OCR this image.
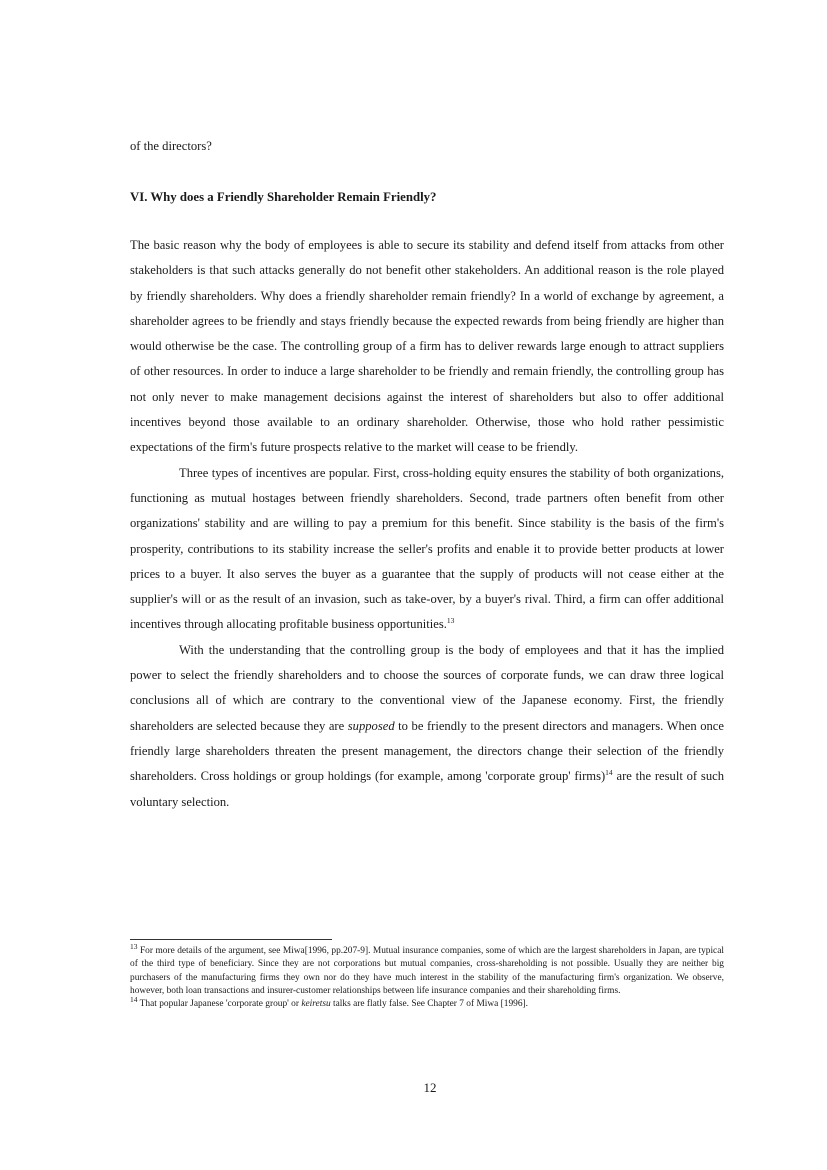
of the directors?

VI. Why does a Friendly Shareholder Remain Friendly?

The basic reason why the body of employees is able to secure its stability and defend itself from attacks from other stakeholders is that such attacks generally do not benefit other stakeholders. An additional reason is the role played by friendly shareholders. Why does a friendly shareholder remain friendly? In a world of exchange by agreement, a shareholder agrees to be friendly and stays friendly because the expected rewards from being friendly are higher than would otherwise be the case. The controlling group of a firm has to deliver rewards large enough to attract suppliers of other resources. In order to induce a large shareholder to be friendly and remain friendly, the controlling group has not only never to make management decisions against the interest of shareholders but also to offer additional incentives beyond those available to an ordinary shareholder. Otherwise, those who hold rather pessimistic expectations of the firm's future prospects relative to the market will cease to be friendly.

Three types of incentives are popular. First, cross-holding equity ensures the stability of both organizations, functioning as mutual hostages between friendly shareholders. Second, trade partners often benefit from other organizations' stability and are willing to pay a premium for this benefit. Since stability is the basis of the firm's prosperity, contributions to its stability increase the seller's profits and enable it to provide better products at lower prices to a buyer. It also serves the buyer as a guarantee that the supply of products will not cease either at the supplier's will or as the result of an invasion, such as take-over, by a buyer's rival. Third, a firm can offer additional incentives through allocating profitable business opportunities.$^{13}$

With the understanding that the controlling group is the body of employees and that it has the implied power to select the friendly shareholders and to choose the sources of corporate funds, we can draw three logical conclusions all of which are contrary to the conventional view of the Japanese economy. First, the friendly shareholders are selected because they are supposed to be friendly to the present directors and managers. When once friendly large shareholders threaten the present management, the directors change their selection of the friendly shareholders. Cross holdings or group holdings (for example, among 'corporate group' firms)$^{14}$ are the result of such voluntary selection.

$^{13}$ For more details of the argument, see Miwa[1996, pp.207-9]. Mutual insurance companies, some of which are the largest shareholders in Japan, are typical of the third type of beneficiary. Since they are not corporations but mutual companies, cross-shareholding is not possible. Usually they are neither big purchasers of the manufacturing firms they own nor do they have much interest in the stability of the manufacturing firm's organization. We observe, however, both loan transactions and insurer-customer relationships between life insurance companies and their shareholding firms.

$^{14}$ That popular Japanese 'corporate group' or keiretsu talks are flatly false. See Chapter 7 of Miwa [1996].

12
